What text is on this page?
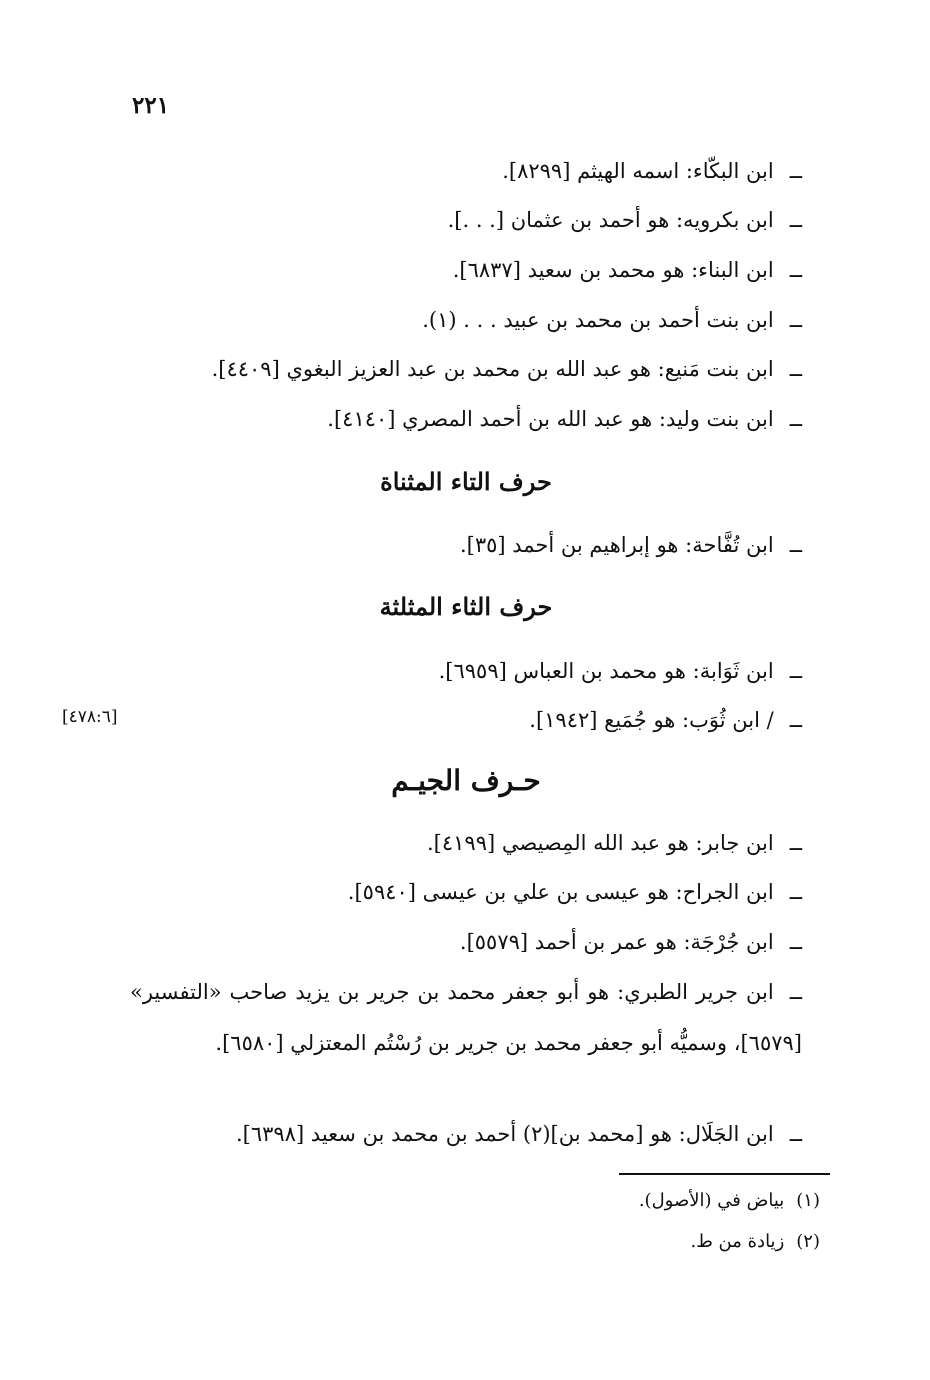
٢٢١
ــابن البكّاء: اسمه الهيثم [٨٢٩٩].
ــابن بكرويه: هو أحمد بن عثمان [. . .].
ــابن البناء: هو محمد بن سعيد [٦٨٣٧].
ــابن بنت أحمد بن محمد بن عبيد . . . (١).
ــابن بنت مَنيع: هو عبد الله بن محمد بن عبد العزيز البغوي [٤٤٠٩].
ــابن بنت وليد: هو عبد الله بن أحمد المصري [٤١٤٠].
حرف التاء المثناة
ــابن تُفَّاحة: هو إبراهيم بن أحمد [٣٥].
حرف الثاء المثلثة
ــابن ثَوَابة: هو محمد بن العباس [٦٩٥٩].
ــ/ ابن ثُوَب: هو جُمَيع [١٩٤٢].
[٤٧٨:٦]
حـرف الجيـم
ــابن جابر: هو عبد الله المِصيصي [٤١٩٩].
ــابن الجراح: هو عيسى بن علي بن عيسى [٥٩٤٠].
ــابن جُرْجَة: هو عمر بن أحمد [٥٥٧٩].
ــابن جرير الطبري: هو أبو جعفر محمد بن جرير بن يزيد صاحب «التفسير» [٦٥٧٩]، وسميُّه أبو جعفر محمد بن جرير بن رُسْتُم المعتزلي [٦٥٨٠].
ــابن الجَلَال: هو [محمد بن](٢) أحمد بن محمد بن سعيد [٦٣٩٨].
(١)بياض في (الأصول).
(٢)زيادة من ط.
